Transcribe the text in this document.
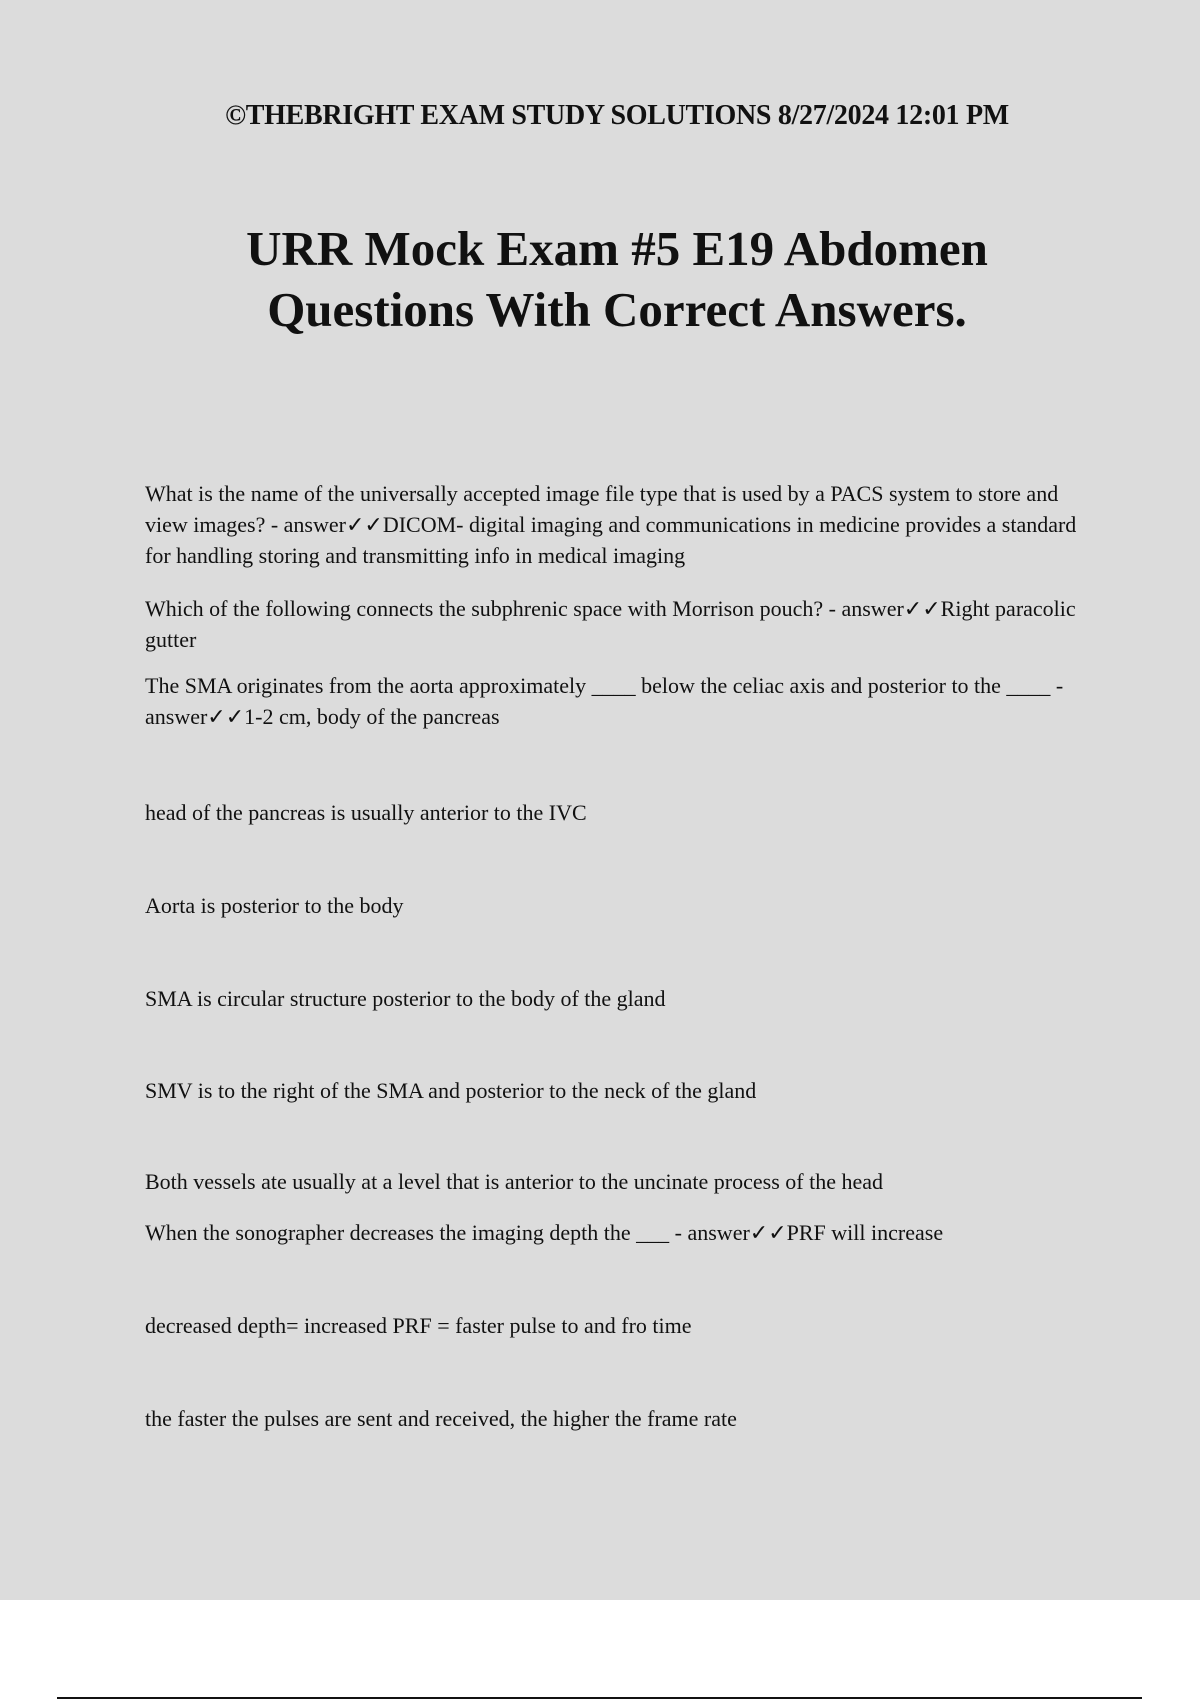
©THEBRIGHT EXAM STUDY SOLUTIONS 8/27/2024 12:01 PM
URR Mock Exam #5 E19 Abdomen
Questions With Correct Answers.
What is the name of the universally accepted image file type that is used by a PACS system to store and view images? - answer✓✓DICOM- digital imaging and communications in medicine provides a standard for handling storing and transmitting info in medical imaging
Which of the following connects the subphrenic space with Morrison pouch? - answer✓✓Right paracolic gutter
The SMA originates from the aorta approximately ____ below the celiac axis and posterior to the ____ - answer✓✓1-2 cm, body of the pancreas
head of the pancreas is usually anterior to the IVC
Aorta is posterior to the body
SMA is circular structure posterior to the body of the gland
SMV is to the right of the SMA and posterior to the neck of the gland
Both vessels ate usually at a level that is anterior to the uncinate process of the head
When the sonographer decreases the imaging depth the ___ - answer✓✓PRF will increase
decreased depth= increased PRF = faster pulse to and fro time
the faster the pulses are sent and received, the higher the frame rate
